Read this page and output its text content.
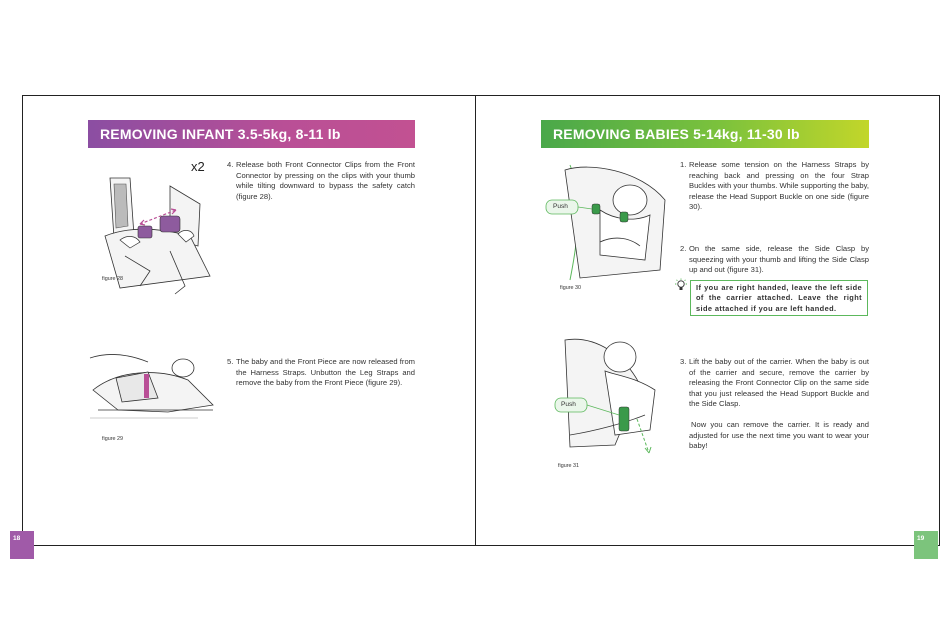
REMOVING INFANT 3.5-5kg, 8-11 lb
x2
figure 28
4. Release both Front Connector Clips from the Front Connector by pressing on the clips with your thumb while tilting downward to bypass the safety catch (figure 28).
figure 29
5. The baby and the Front Piece are now released from the Harness Straps. Unbutton the Leg Straps and remove the baby from the Front Piece (figure 29).
18
REMOVING BABIES 5-14kg, 11-30 lb
Push
figure 30
1. Release some tension on the Harness Straps by reaching back and pressing on the four Strap Buckles with your thumbs. While supporting the baby, release the Head Support Buckle on one side (figure 30).
2. On the same side, release the Side Clasp by squeezing with your thumb and lifting the Side Clasp up and out (figure 31).
If you are right handed, leave the left side of the carrier attached. Leave the right side attached if you are left handed.
Push
figure 31
3. Lift the baby out of the carrier. When the baby is out of the carrier and secure, remove the carrier by releasing the Front Connector Clip on the same side that you just released the Head Support Buckle and the Side Clasp.
Now you can remove the carrier. It is ready and adjusted for use the next time you want to wear your baby!
19
